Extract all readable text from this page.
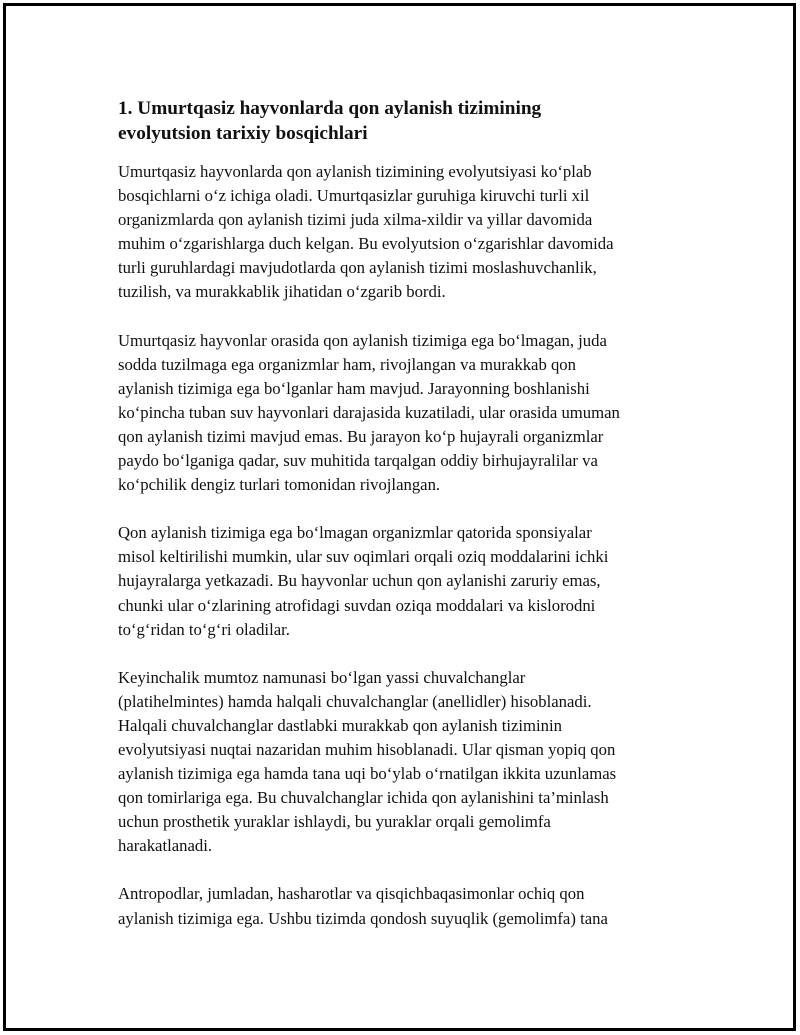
1. Umurtqasiz hayvonlarda qon aylanish tizimining
evolyutsion tarixiy bosqichlari

Umurtqasiz hayvonlarda qon aylanish tizimining evolyutsiyasi ko‘plab
bosqichlarni o‘z ichiga oladi. Umurtqasizlar guruhiga kiruvchi turli xil
organizmlarda qon aylanish tizimi juda xilma-xildir va yillar davomida
muhim o‘zgarishlarga duch kelgan. Bu evolyutsion o‘zgarishlar davomida
turli guruhlardagi mavjudotlarda qon aylanish tizimi moslashuvchanlik,
tuzilish, va murakkablik jihatidan o‘zgarib bordi.

Umurtqasiz hayvonlar orasida qon aylanish tizimiga ega bo‘lmagan, juda
sodda tuzilmaga ega organizmlar ham, rivojlangan va murakkab qon
aylanish tizimiga ega bo‘lganlar ham mavjud. Jarayonning boshlanishi
ko‘pincha tuban suv hayvonlari darajasida kuzatiladi, ular orasida umuman
qon aylanish tizimi mavjud emas. Bu jarayon ko‘p hujayrali organizmlar
paydo bo‘lganiga qadar, suv muhitida tarqalgan oddiy birhujayralilar va
ko‘pchilik dengiz turlari tomonidan rivojlangan.

Qon aylanish tizimiga ega bo‘lmagan organizmlar qatorida sponsiyalar
misol keltirilishi mumkin, ular suv oqimlari orqali oziq moddalarini ichki
hujayralarga yetkazadi. Bu hayvonlar uchun qon aylanishi zaruriy emas,
chunki ular o‘zlarining atrofidagi suvdan oziqa moddalari va kislorodni
to‘g‘ridan to‘g‘ri oladilar.

Keyinchalik mumtoz namunasi bo‘lgan yassi chuvalchanglar
(platihelmintes) hamda halqali chuvalchanglar (anellidler) hisoblanadi.
Halqali chuvalchanglar dastlabki murakkab qon aylanish tiziminin
evolyutsiyasi nuqtai nazaridan muhim hisoblanadi. Ular qisman yopiq qon
aylanish tizimiga ega hamda tana uqi bo‘ylab o‘rnatilgan ikkita uzunlamas
qon tomirlariga ega. Bu chuvalchanglar ichida qon aylanishini ta’minlash
uchun prosthetik yuraklar ishlaydi, bu yuraklar orqali gemolimfa
harakatlanadi.

Antropodlar, jumladan, hasharotlar va qisqichbaqasimonlar ochiq qon
aylanish tizimiga ega. Ushbu tizimda qondosh suyuqlik (gemolimfa) tana
